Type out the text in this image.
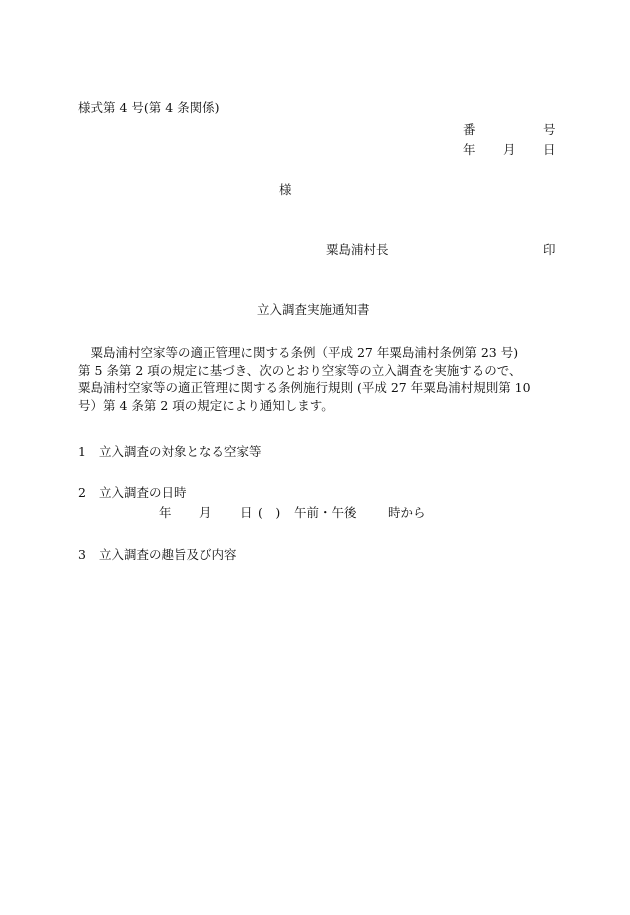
様式第 4 号(第 4 条関係)
番	号
年 月 日
様
粟島浦村長	印
立入調査実施通知書
　粟島浦村空家等の適正管理に関する条例（平成 27 年粟島浦村条例第 23 号)
第 5 条第 2 項の規定に基づき、次のとおり空家等の立入調査を実施するので、
粟島浦村空家等の適正管理に関する条例施行規則 (平成 27 年粟島浦村規則第 10
号）第 4 条第 2 項の規定により通知します。
1 立入調査の対象となる空家等
2 立入調査の日時
年 月 日 (　) 午前・午後	時から
3 立入調査の趣旨及び内容
